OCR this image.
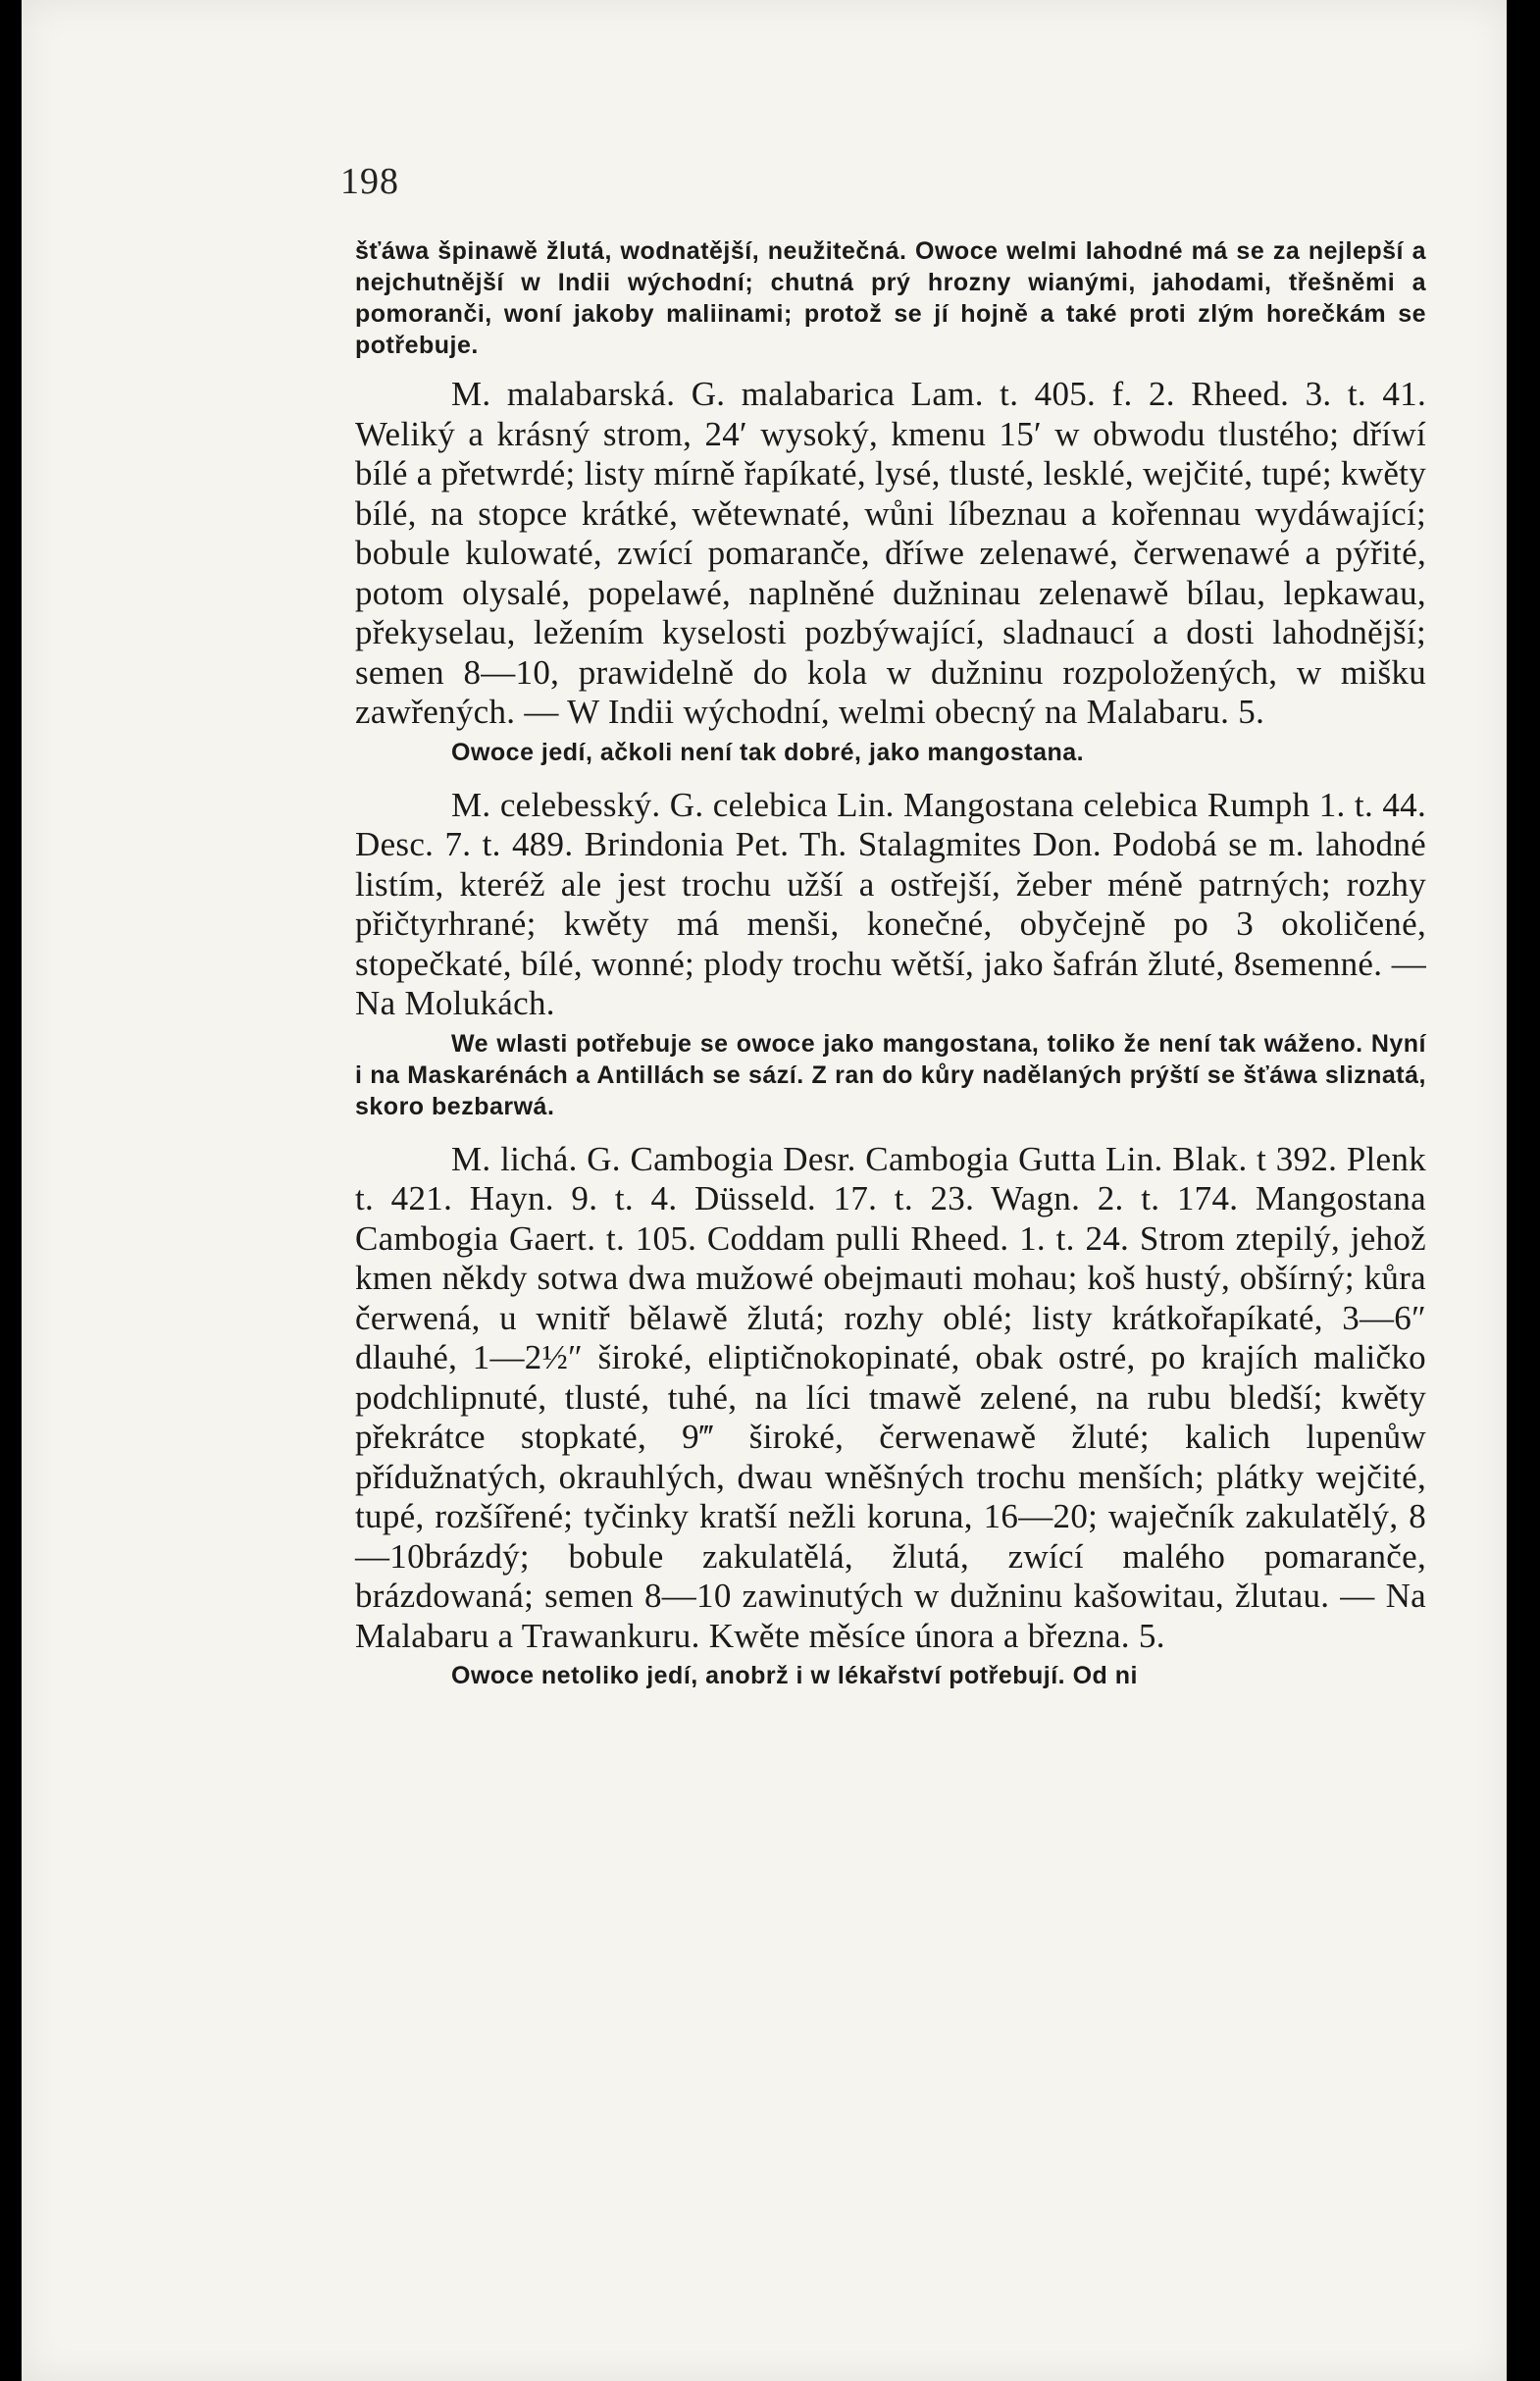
198

šťáwa špinawě žlutá, wodnatější, neužitečná. Owoce welmi lahodné má se za nejlepší a nejchutnější w Indii wýchodní; chutná prý hrozny wianými, jahodami, třešněmi a pomoranči, woní jakoby maliinami; protož se jí hojně a také proti zlým horečkám se potřebuje.

M. malabarská. G. malabarica Lam. t. 405. f. 2. Rheed. 3. t. 41. Weliký a krásný strom, 24′ wysoký, kmenu 15′ w obwodu tlustého; dříwí bílé a přetwrdé; listy mírně řapíkaté, lysé, tlusté, lesklé, wejčité, tupé; kwěty bílé, na stopce krátké, wětewnaté, wůni líbeznau a kořennau wydáwající; bobule kulowaté, zwící pomaranče, dříwe zelenawé, čerwenawé a pýřité, potom olysalé, popelawé, naplněné dužninau zelenawě bílau, lepkawau, překyselau, ležením kyselosti pozbýwající, sladnaucí a dosti lahodnější; semen 8—10, prawidelně do kola w dužninu rozpoložených, w mišku zawřených. — W Indii wýchodní, welmi obecný na Malabaru. 5.

Owoce jedí, ačkoli není tak dobré, jako mangostana.

M. celebesský. G. celebica Lin. Mangostana celebica Rumph 1. t. 44. Desc. 7. t. 489. Brindonia Pet. Th. Stalagmites Don. Podobá se m. lahodné listím, kteréž ale jest trochu užší a ostřejší, žeber méně patrných; rozhy přičtyrhrané; kwěty má menši, konečné, obyčejně po 3 okoličené, stopečkaté, bílé, wonné; plody trochu wětší, jako šafrán žluté, 8semenné. — Na Molukách.

We wlasti potřebuje se owoce jako mangostana, toliko že není tak wáženo. Nyní i na Maskarénách a Antillách se sází. Z ran do kůry nadělaných prýští se šťáwa sliznatá, skoro bezbarwá.

M. lichá. G. Cambogia Desr. Cambogia Gutta Lin. Blak. t 392. Plenk t. 421. Hayn. 9. t. 4. Düsseld. 17. t. 23. Wagn. 2. t. 174. Mangostana Cambogia Gaert. t. 105. Coddam pulli Rheed. 1. t. 24. Strom ztepilý, jehož kmen někdy sotwa dwa mužowé obejmauti mohau; koš hustý, obšírný; kůra čerwená, u wnitř bělawě žlutá; rozhy oblé; listy krátkořapíkaté, 3—6″ dlauhé, 1—2½″ široké, eliptičnokopinaté, obak ostré, po krajích maličko podchlipnuté, tlusté, tuhé, na líci tmawě zelené, na rubu bledší; kwěty překrátce stopkaté, 9‴ široké, čerwenawě žluté; kalich lupenůw přídužnatých, okrauhlých, dwau wněšných trochu menších; plátky wejčité, tupé, rozšířené; tyčinky kratší nežli koruna, 16—20; waječník zakulatělý, 8—10brázdý; bobule zakulatělá, žlutá, zwící malého pomaranče, brázdowaná; semen 8—10 zawinutých w dužninu kašowitau, žlutau. — Na Malabaru a Trawankuru. Kwěte měsíce února a března. 5.

Owoce netoliko jedí, anobrž i w lékařství potřebují. Od ni
